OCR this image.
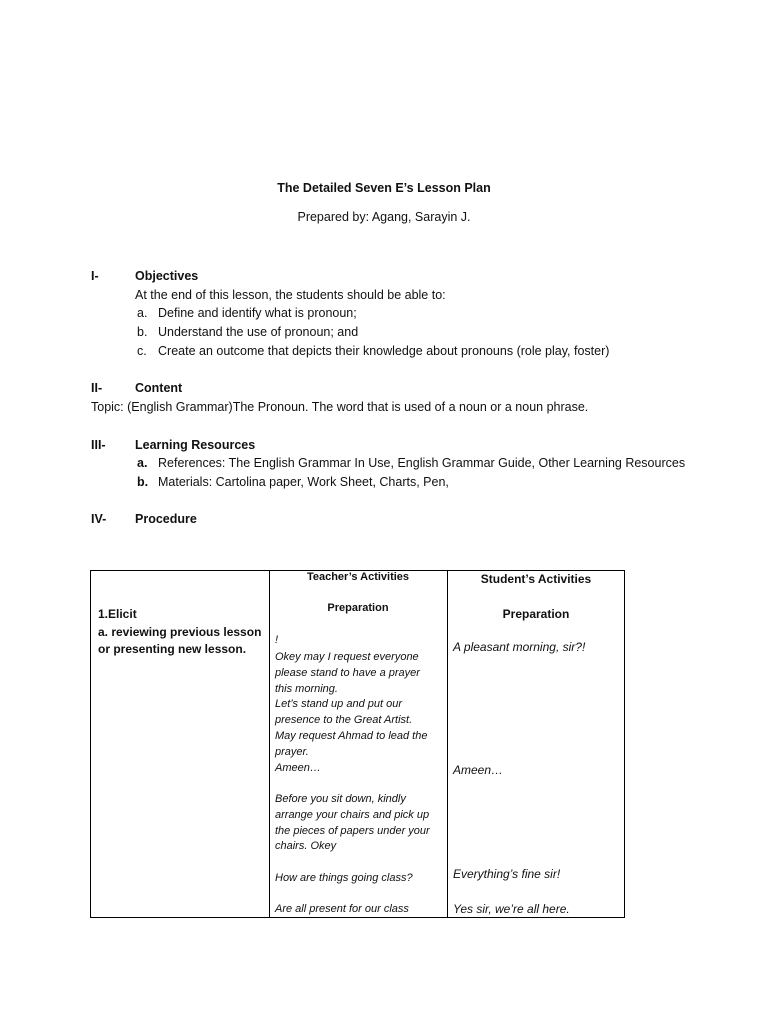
The Detailed Seven E’s Lesson Plan
Prepared by: Agang, Sarayin J.
I-	Objectives
At the end of this lesson, the students should be able to:
a. Define and identify what is pronoun;
b. Understand the use of pronoun; and
c. Create an outcome that depicts their knowledge about pronouns (role play, foster)
II-	Content
Topic: (English Grammar)The Pronoun. The word that is used of a noun or a noun phrase.
III- Learning Resources
a. References: The English Grammar In Use, English Grammar Guide, Other Learning Resources
b. Materials: Cartolina paper, Work Sheet, Charts, Pen,
IV- Procedure
Teacher’s Activities
Preparation
Student’s Activities
Preparation
1.Elicit
a. reviewing previous lesson
or presenting new lesson.
!
Okey may I request everyone
please stand to have a prayer
this morning.
Let’s stand up and put our
presence to the Great Artist.
May request Ahmad to lead the
prayer.
Ameen…
Before you sit down, kindly
arrange your chairs and pick up
the pieces of papers under your
chairs. Okey
How are things going class?
Are all present for our class
A pleasant morning, sir?!
Ameen…
Everything’s fine sir!
Yes sir, we’re all here.
